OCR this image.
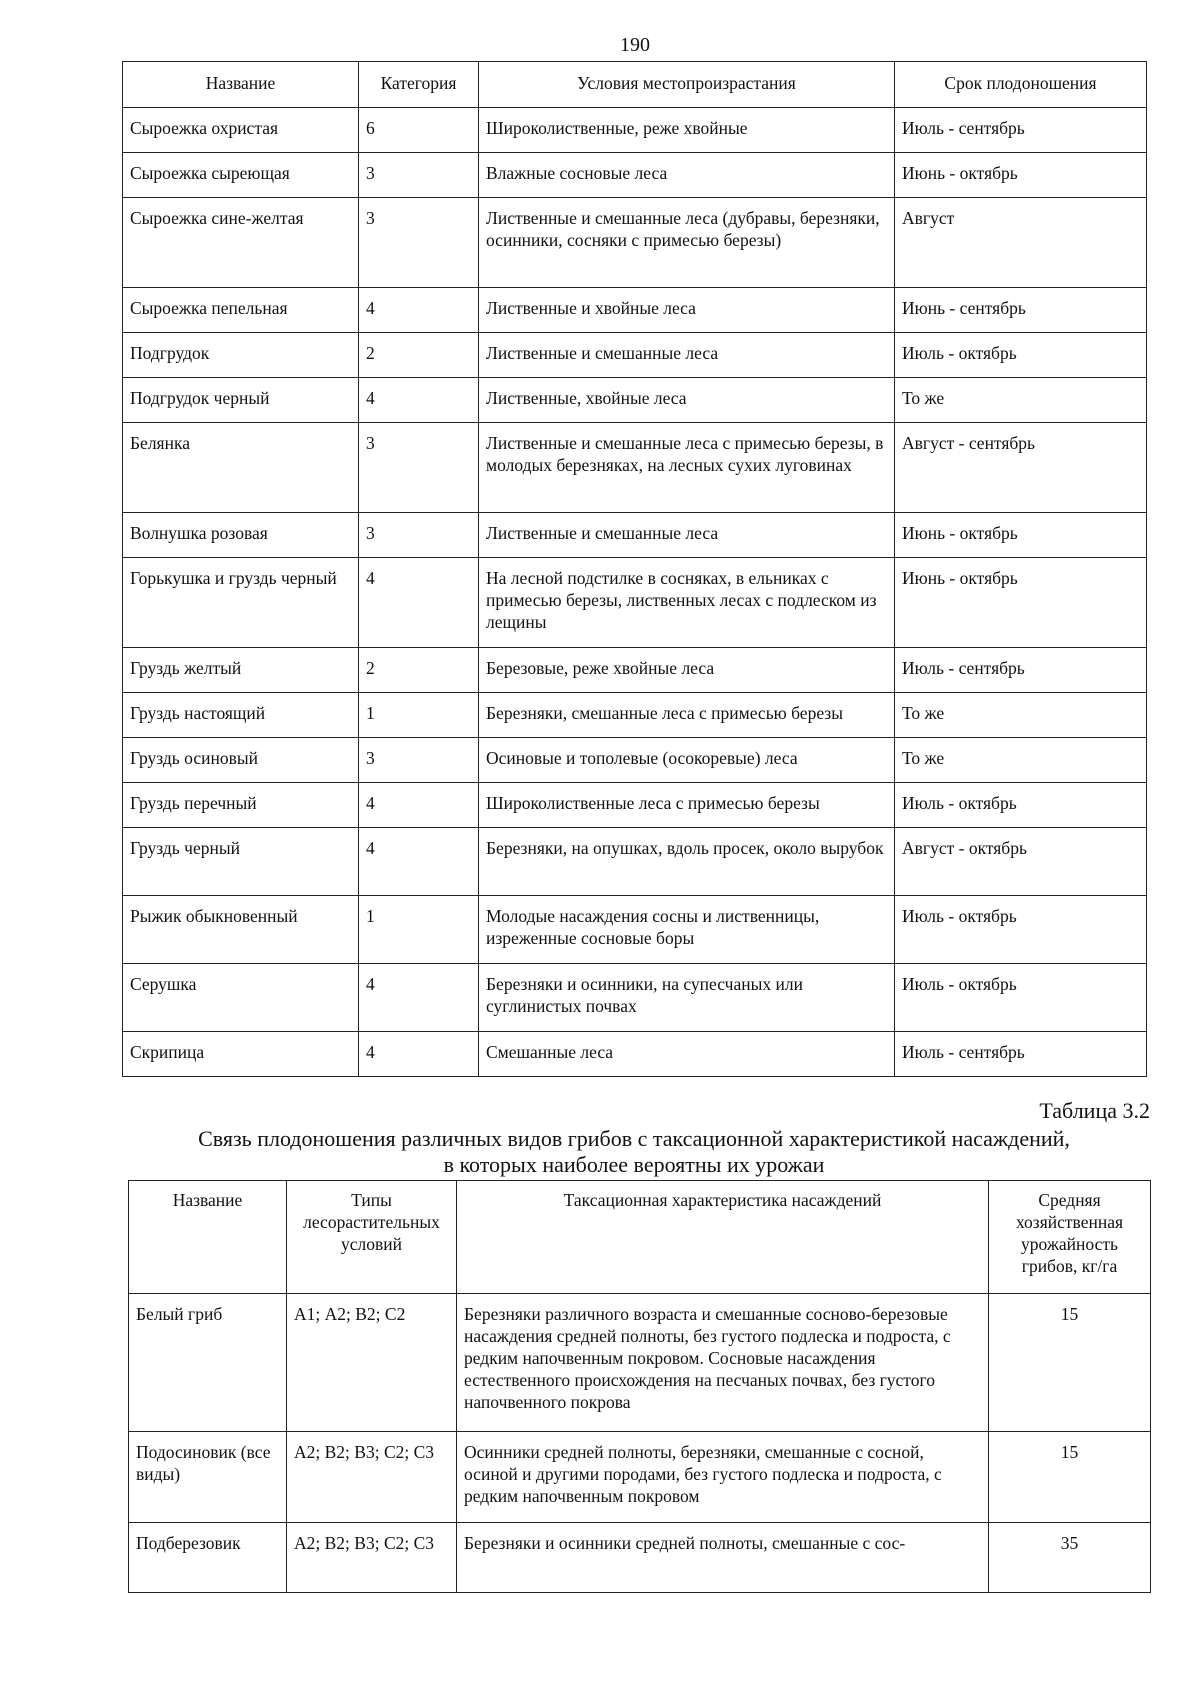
190
Название	Категория	Условия местопроизрастания	Срок плодоношения
Сыроежка охристая	6	Широколиственные, реже хвойные	Июль - сентябрь
Сыроежка сыреющая	3	Влажные сосновые леса	Июнь - октябрь
Сыроежка сине-желтая	3	Лиственные и смешанные леса (дубравы, березняки, осинники, сосняки с примесью березы)	Август
Сыроежка пепельная	4	Лиственные и хвойные леса	Июнь - сентябрь
Подгрудок	2	Лиственные и смешанные леса	Июль - октябрь
Подгрудок черный	4	Лиственные, хвойные леса	То же
Белянка	3	Лиственные и смешанные леса с примесью березы, в молодых березняках, на лесных сухих луговинах	Август - сентябрь
Волнушка розовая	3	Лиственные и смешанные леса	Июнь - октябрь
Горькушка и груздь черный	4	На лесной подстилке в сосняках, в ельниках с примесью березы, лиственных лесах с подлеском из лещины	Июнь - октябрь
Груздь желтый	2	Березовые, реже хвойные леса	Июль - сентябрь
Груздь настоящий	1	Березняки, смешанные леса с примесью березы	То же
Груздь осиновый	3	Осиновые и тополевые (осокоревые) леса	То же
Груздь перечный	4	Широколиственные леса с примесью березы	Июль - октябрь
Груздь черный	4	Березняки, на опушках, вдоль просек, около вырубок	Август - октябрь
Рыжик обыкновенный	1	Молодые насаждения сосны и лиственницы, изреженные сосновые боры	Июль - октябрь
Серушка	4	Березняки и осинники, на супесчаных или суглинистых почвах	Июль - октябрь
Скрипица	4	Смешанные леса	Июль - сентябрь
Таблица 3.2
Связь плодоношения различных видов грибов с таксационной характеристикой насаждений,
в которых наиболее вероятны их урожаи
Название	Типы лесорастительных условий	Таксационная характеристика насаждений	Средняя хозяйственная урожайность грибов, кг/га
Белый гриб	А1; А2; В2; С2	Березняки различного возраста и смешанные сосново-березовые насаждения средней полноты, без густого подлеска и подроста, с редким напочвенным покровом. Сосновые насаждения естественного происхождения на песчаных почвах, без густого напочвенного покрова	15
Подосиновик (все виды)	А2; В2; В3; С2; С3	Осинники средней полноты, березняки, смешанные с сосной, осиной и другими породами, без густого подлеска и подроста, с редким напочвенным покровом	15
Подберезовик	А2; В2; В3; С2; С3	Березняки и осинники средней полноты, смешанные с сос-	35
